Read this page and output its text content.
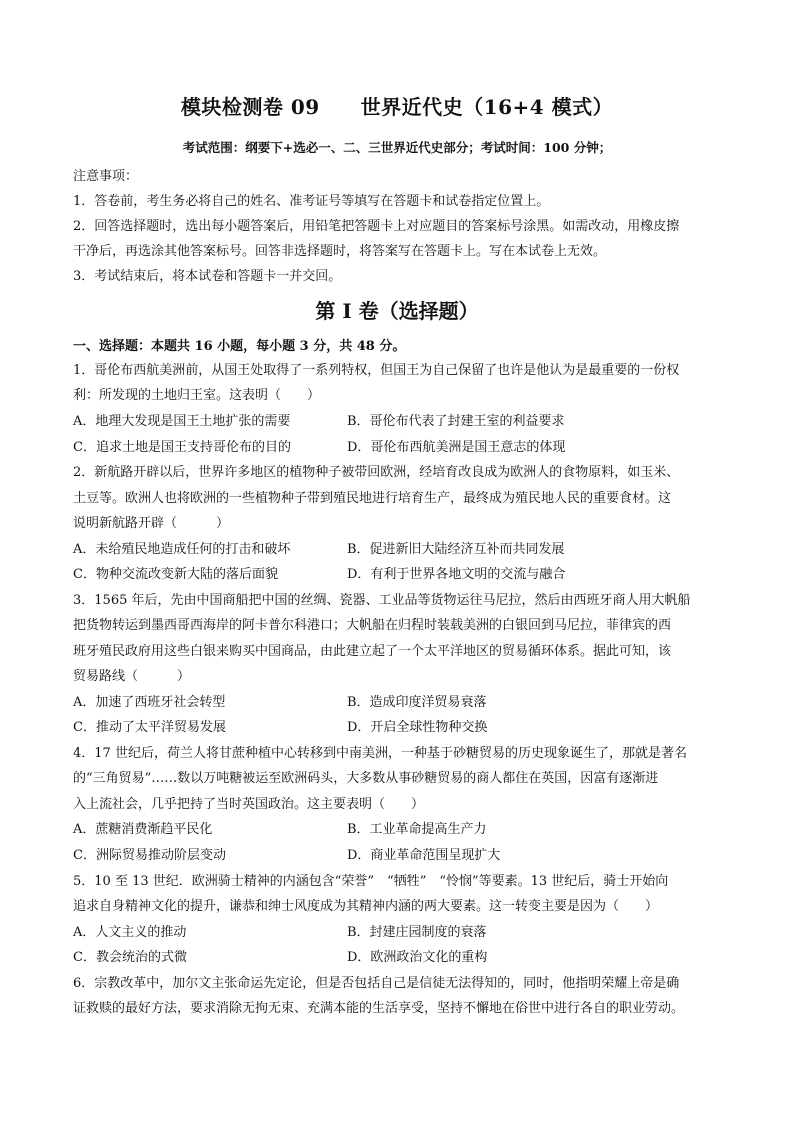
模块检测卷 09　　世界近代史（16+4 模式）
考试范围：纲要下+选必一、二、三世界近代史部分；考试时间：100 分钟；
注意事项：
1．答卷前，考生务必将自己的姓名、准考证号等填写在答题卡和试卷指定位置上。
2．回答选择题时，选出每小题答案后，用铅笔把答题卡上对应题目的答案标号涂黑。如需改动，用橡皮擦
干净后，再选涂其他答案标号。回答非选择题时，将答案写在答题卡上。写在本试卷上无效。
3．考试结束后，将本试卷和答题卡一并交回。
第 I 卷（选择题）
一、选择题：本题共 16 小题，每小题 3 分，共 48 分。
1．哥伦布西航美洲前，从国王处取得了一系列特权，但国王为自己保留了也许是他认为是最重要的一份权
利：所发现的土地归王室。这表明（　　）
A．地理大发现是国王土地扩张的需要	B．哥伦布代表了封建王室的利益要求
C．追求土地是国王支持哥伦布的目的	D．哥伦布西航美洲是国王意志的体现
2．新航路开辟以后，世界许多地区的植物种子被带回欧洲，经培育改良成为欧洲人的食物原料，如玉米、
土豆等。欧洲人也将欧洲的一些植物种子带到殖民地进行培育生产，最终成为殖民地人民的重要食材。这
说明新航路开辟（　　　）
A．未给殖民地造成任何的打击和破坏	B．促进新旧大陆经济互补而共同发展
C．物种交流改变新大陆的落后面貌	D．有利于世界各地文明的交流与融合
3．1565 年后，先由中国商船把中国的丝绸、瓷器、工业品等货物运往马尼拉，然后由西班牙商人用大帆船
把货物转运到墨西哥西海岸的阿卡普尔科港口；大帆船在归程时装载美洲的白银回到马尼拉，菲律宾的西
班牙殖民政府用这些白银来购买中国商品，由此建立起了一个太平洋地区的贸易循环体系。据此可知，该
贸易路线（　　　）
A．加速了西班牙社会转型	B．造成印度洋贸易衰落
C．推动了太平洋贸易发展	D．开启全球性物种交换
4．17 世纪后，荷兰人将甘蔗种植中心转移到中南美洲，一种基于砂糖贸易的历史现象诞生了，那就是著名
的“三角贸易”……数以万吨糖被运至欧洲码头，大多数从事砂糖贸易的商人都住在英国，因富有逐渐进
入上流社会，几乎把持了当时英国政治。这主要表明（　　）
A．蔗糖消费渐趋平民化	B．工业革命提高生产力
C．洲际贸易推动阶层变动	D．商业革命范围呈现扩大
5．10 至 13 世纪．欧洲骑士精神的内涵包含“荣誉”　“牺牲”　“怜悯”等要素。13 世纪后，骑士开始向
追求自身精神文化的提升，谦恭和绅士风度成为其精神内涵的两大要素。这一转变主要是因为（　　）
A．人文主义的推动	B．封建庄园制度的衰落
C．教会统治的式微	D．欧洲政治文化的重构
6．宗教改革中，加尔文主张命运先定论，但是否包括自己是信徒无法得知的，同时，他指明荣耀上帝是确
证救赎的最好方法，要求消除无拘无束、充满本能的生活享受，坚持不懈地在俗世中进行各自的职业劳动。
